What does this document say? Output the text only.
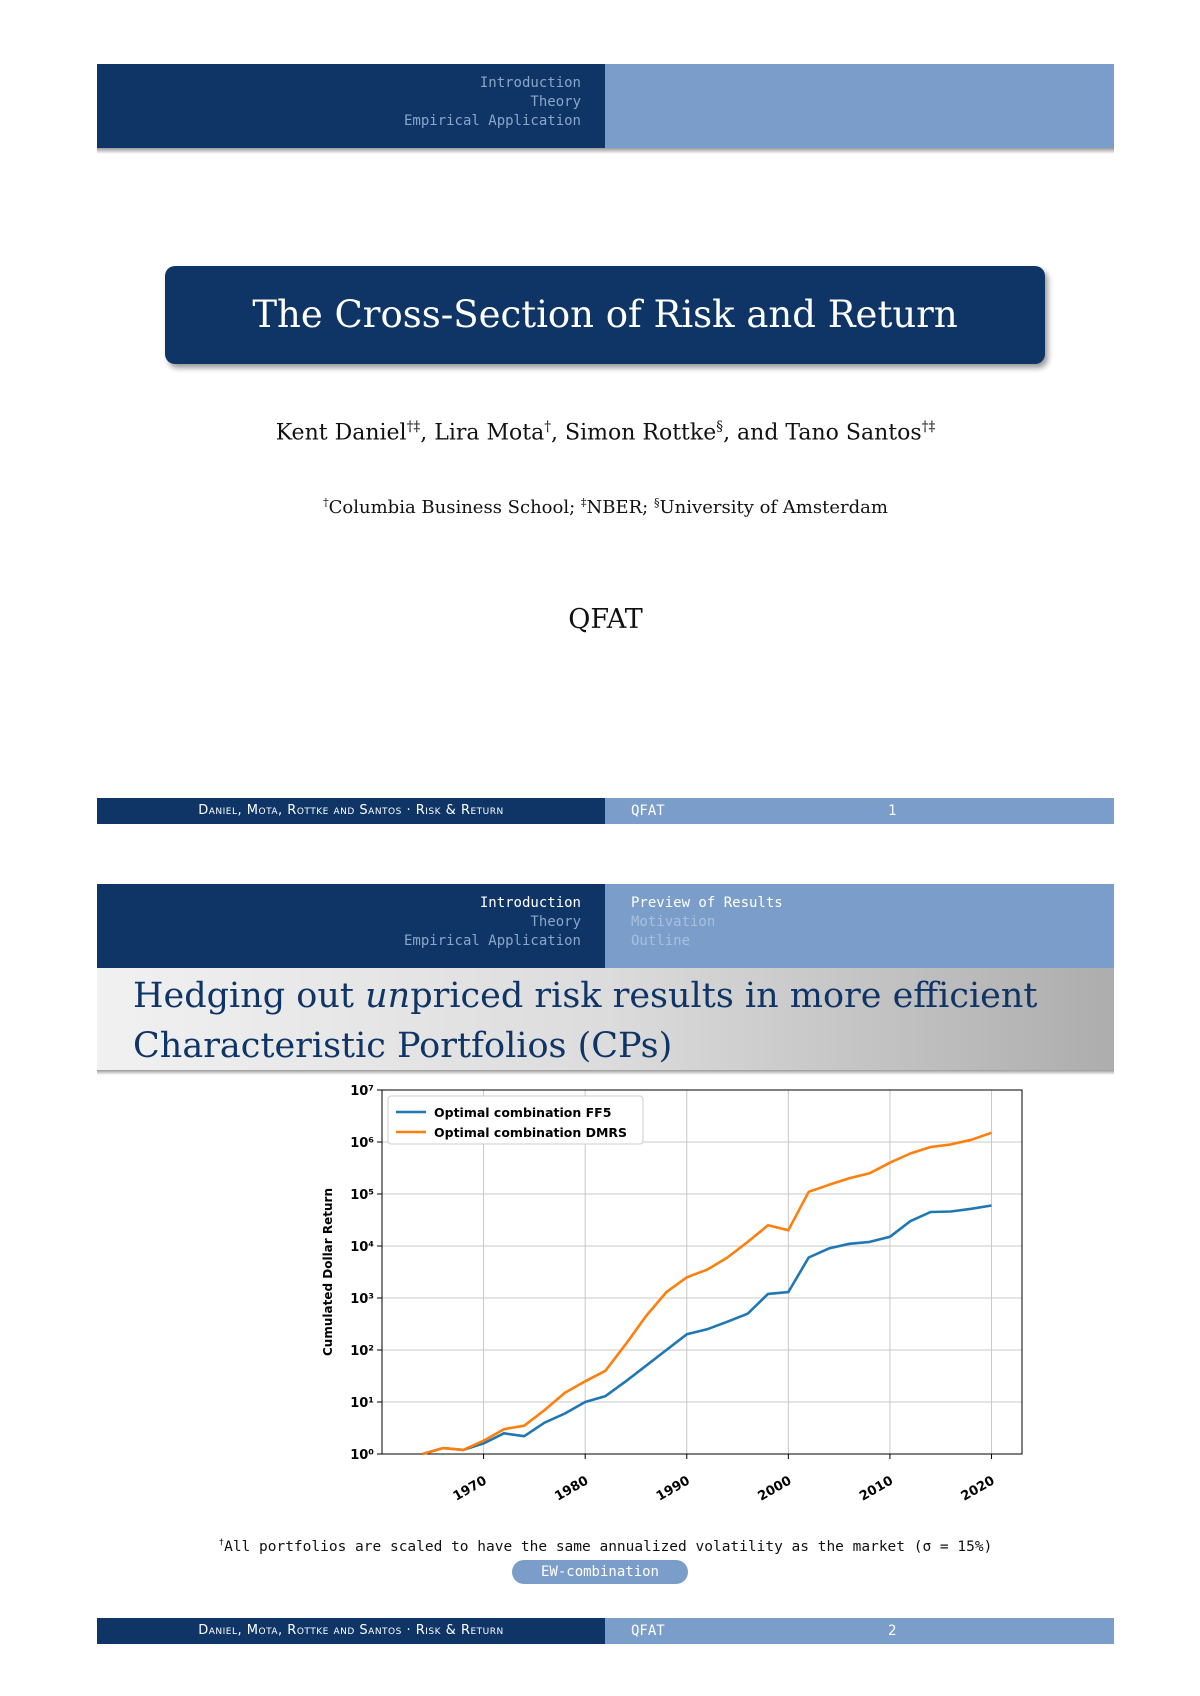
Introduction
Theory
Empirical Application
The Cross-Section of Risk and Return
Kent Daniel†‡, Lira Mota†, Simon Rottke§, and Tano Santos†‡
†Columbia Business School; ‡NBER; §University of Amsterdam
QFAT
Daniel, Mota, Rottke and Santos · Risk & Return	QFAT	1
Introduction
Theory
Empirical Application
Preview of Results
Motivation
Outline
Hedging out unpriced risk results in more efficient
Characteristic Portfolios (CPs)
10⁰
10¹
10²
10³
10⁴
10⁵
10⁶
10⁷
1970	1980	1990	2000	2010	2020
Cumulated Dollar Return
Optimal combination FF5
Optimal combination DMRS
†All portfolios are scaled to have the same annualized volatility as the market (σ = 15%)
EW-combination
Daniel, Mota, Rottke and Santos · Risk & Return	QFAT	2
